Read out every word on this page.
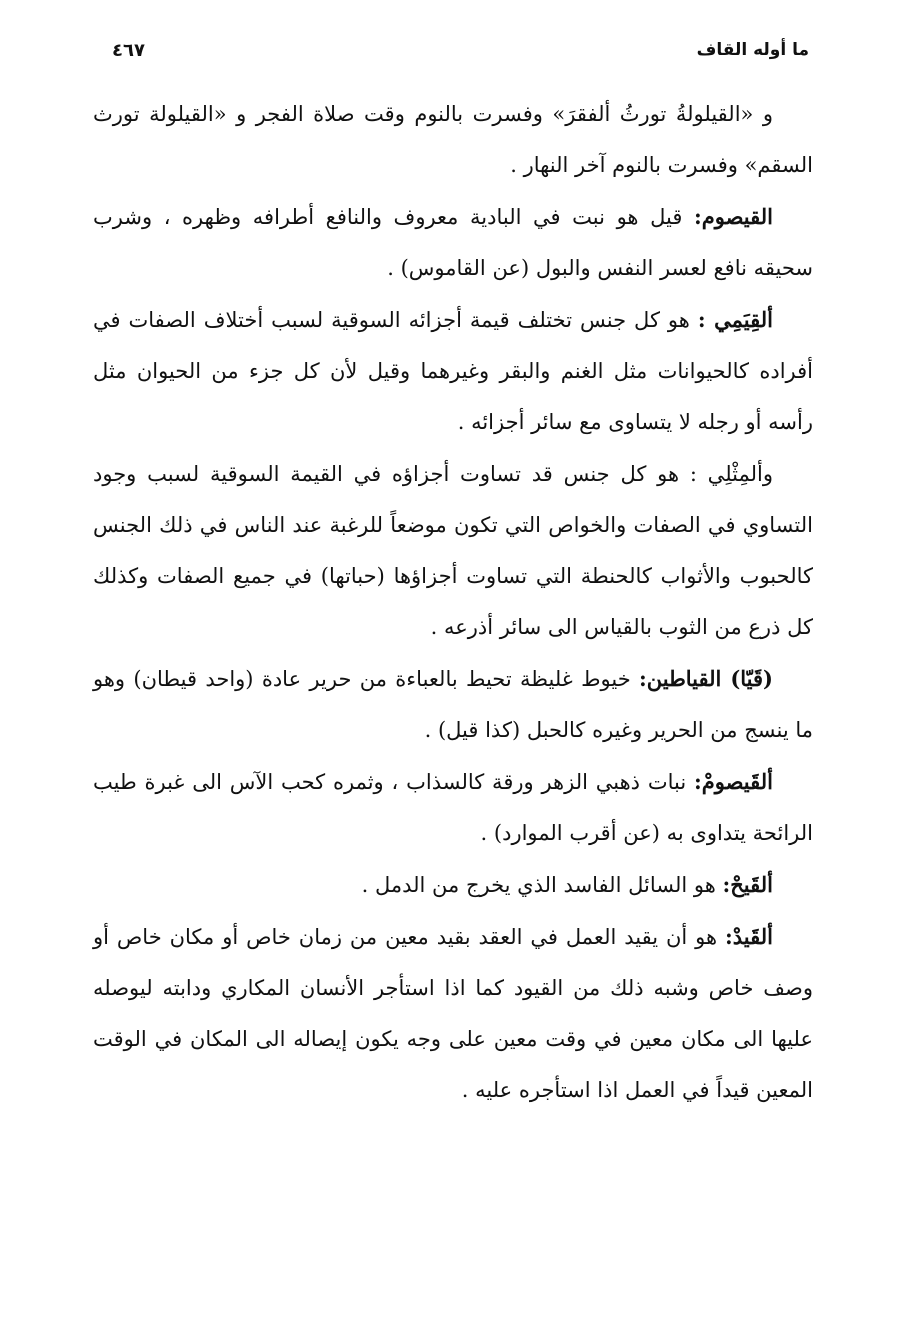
ما أوله القاف
٤٦٧

و «القيلولةُ تورثُ ألفقرَ» وفسرت بالنوم وقت صلاة الفجر و «القيلولة تورث السقم» وفسرت بالنوم آخر النهار .

القيصوم: قيل هو نبت في البادية معروف والنافع أطرافه وظهره ، وشرب سحيقه نافع لعسر النفس والبول (عن القاموس) .

ألقِيَمِي : هو كل جنس تختلف قيمة أجزائه السوقية لسبب أختلاف الصفات في أفراده كالحيوانات مثل الغنم والبقر وغيرهما وقيل لأن كل جزء من الحيوان مثل رأسه أو رجله لا يتساوى مع سائر أجزائه .

وألمِثْلِي : هو كل جنس قد تساوت أجزاؤه في القيمة السوقية لسبب وجود التساوي في الصفات والخواص التي تكون موضعاً للرغبة عند الناس في ذلك الجنس كالحبوب والأثواب كالحنطة التي تساوت أجزاؤها (حباتها) في جميع الصفات وكذلك كل ذرع من الثوب بالقياس الى سائر أذرعه .

(قَيّا) القياطين: خيوط غليظة تحيط بالعباءة من حرير عادة (واحد قيطان) وهو ما ينسج من الحرير وغيره كالحبل (كذا قيل) .

ألقَيصومْ: نبات ذهبي الزهر ورقة كالسذاب ، وثمره كحب الآس الى غبرة طيب الرائحة يتداوى به (عن أقرب الموارد) .

ألقَيحْ: هو السائل الفاسد الذي يخرج من الدمل .

ألقَيدْ: هو أن يقيد العمل في العقد بقيد معين من زمان خاص أو مكان خاص أو وصف خاص وشبه ذلك من القيود كما اذا استأجر الأنسان المكاري ودابته ليوصله عليها الى مكان معين في وقت معين على وجه يكون إيصاله الى المكان في الوقت المعين قيداً في العمل اذا استأجره عليه .
